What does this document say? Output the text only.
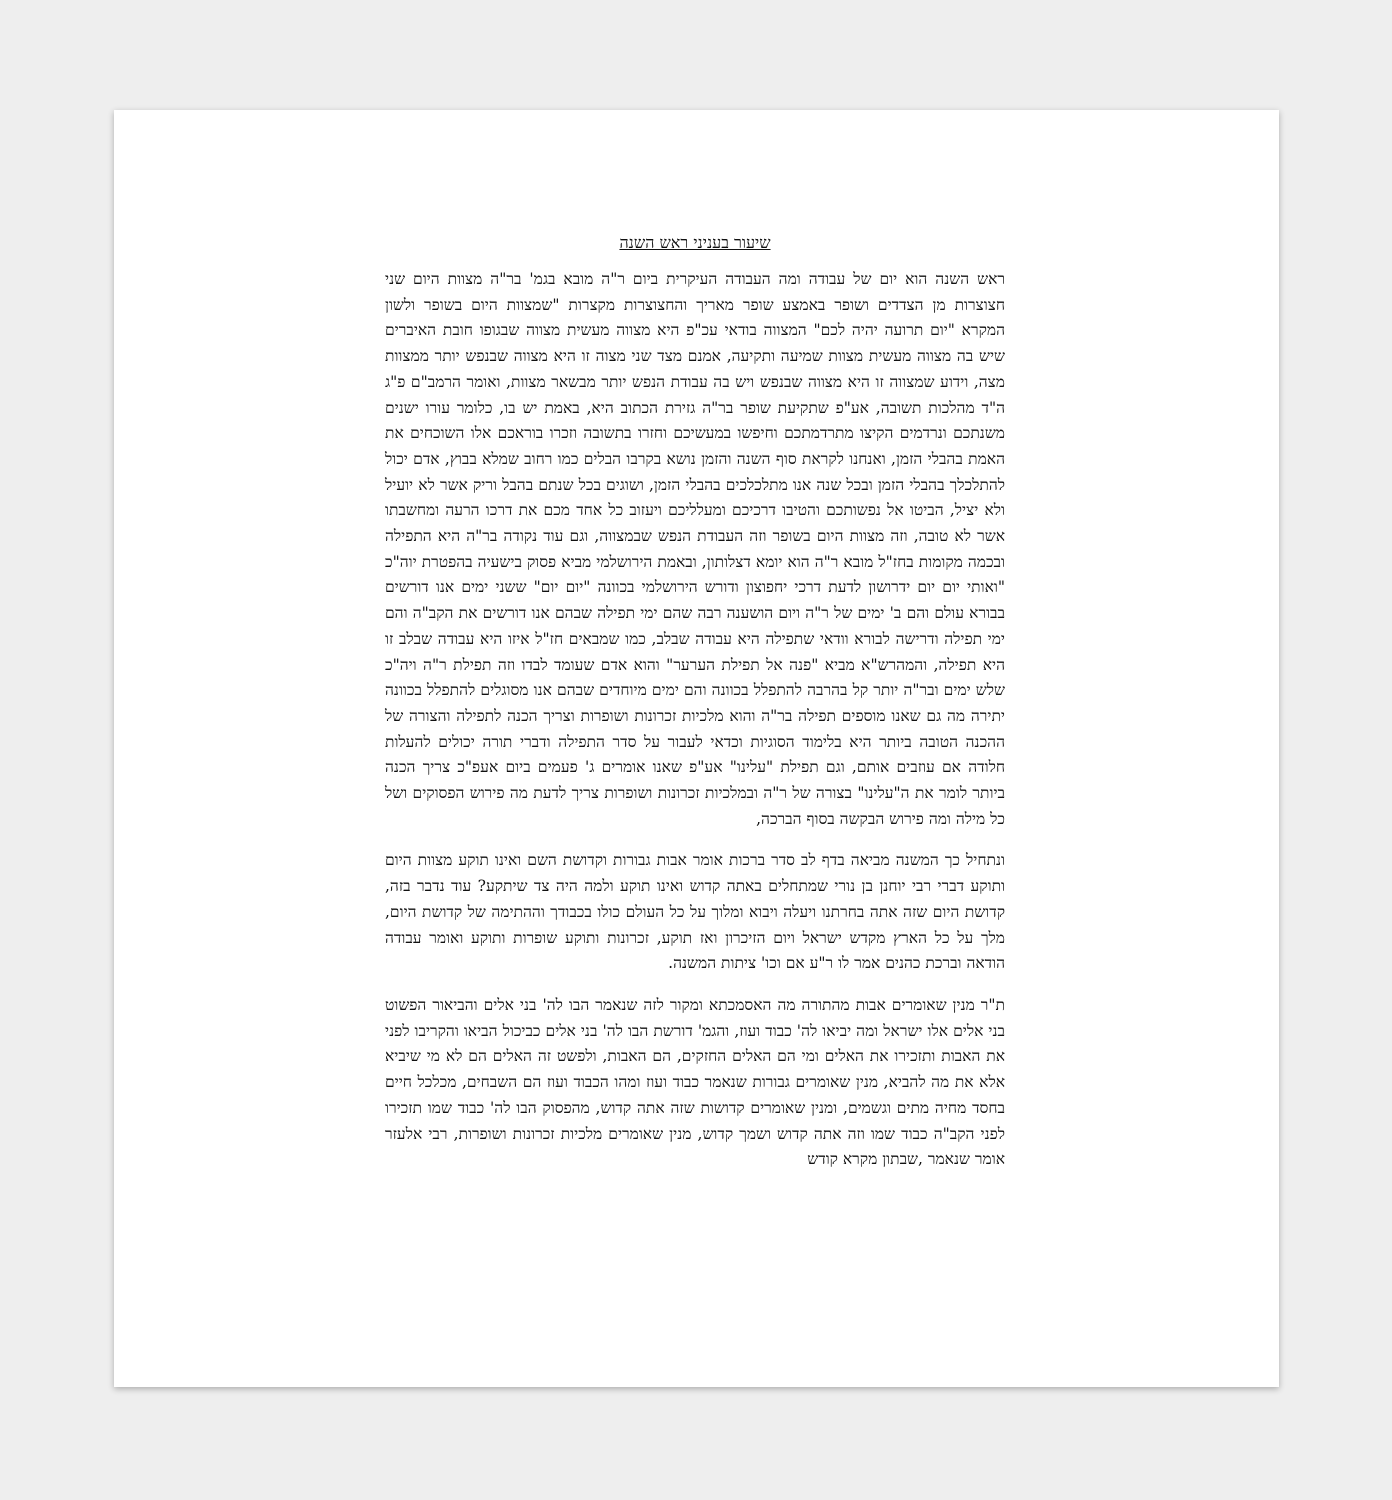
שיעור בעניני ראש השנה

ראש השנה הוא יום של עבודה ומה העבודה העיקרית ביום ר"ה מובא בגמ' בר"ה מצוות היום שני חצוצרות מן הצדדים ושופר באמצע שופר מאריך והחצוצרות מקצרות "שמצוות היום בשופר ולשון המקרא "יום תרועה יהיה לכם" המצווה בודאי עכ"פ היא מצווה מעשית מצווה שבגופו חובת האיברים שיש בה מצווה מעשית מצוות שמיעה ותקיעה, אמנם מצד שני מצוה זו היא מצווה שבנפש יותר ממצוות מצה, וידוע שמצווה זו היא מצווה שבנפש ויש בה עבודת הנפש יותר מבשאר מצוות, ואומר הרמב"ם פ"ג ה"ד מהלכות תשובה, אע"פ שתקיעת שופר בר"ה גזירת הכתוב היא, באמת יש בו, כלומר עורו ישנים משנתכם ונרדמים הקיצו מתרדמתכם וחיפשו במעשיכם וחזרו בתשובה וזכרו בוראכם אלו השוכחים את האמת בהבלי הזמן, ואנחנו לקראת סוף השנה והזמן נושא בקרבו הבלים כמו רחוב שמלא בבוץ, אדם יכול להתלכלך בהבלי הזמן ובכל שנה אנו מתלכלכים בהבלי הזמן, ושוגים בכל שנתם בהבל וריק אשר לא יועיל ולא יציל, הביטו אל נפשותכם והטיבו דרכיכם ומעלליכם ויעזוב כל אחד מכם את דרכו הרעה ומחשבתו אשר לא טובה, וזה מצוות היום בשופר וזה העבודת הנפש שבמצווה, וגם עוד נקודה בר"ה היא התפילה ובכמה מקומות בחז"ל מובא ר"ה הוא יומא דצלותון, ובאמת הירושלמי מביא פסוק בישעיה בהפטרת יוה"כ "ואותי יום יום ידרושון לדעת דרכי יחפוצון ודורש הירושלמי בכוונה "יום יום" ששני ימים אנו דורשים בבורא עולם והם ב' ימים של ר"ה ויום הושענה רבה שהם ימי תפילה שבהם אנו דורשים את הקב"ה והם ימי תפילה ודרישה לבורא וודאי שתפילה היא עבודה שבלב, כמו שמבאים חז"ל איזו היא עבודה שבלב זו היא תפילה, והמהרש"א מביא "פנה אל תפילת הערער" והוא אדם שעומד לבדו וזה תפילת ר"ה ויה"כ שלש ימים ובר"ה יותר קל בהרבה להתפלל בכוונה והם ימים מיוחדים שבהם אנו מסוגלים להתפלל בכוונה יתירה מה גם שאנו מוספים תפילה בר"ה והוא מלכיות זכרונות ושופרות וצריך הכנה לתפילה והצורה של ההכנה הטובה ביותר היא בלימוד הסוגיות וכדאי לעבור על סדר התפילה ודברי תורה יכולים להעלות חלודה אם עוזבים אותם, וגם תפילת "עלינו" אע"פ שאנו אומרים ג' פעמים ביום אעפ"כ צריך הכנה ביותר לומר את ה"עלינו" בצורה של ר"ה ובמלכיות זכרונות ושופרות צריך לדעת מה פירוש הפסוקים ושל כל מילה ומה פירוש הבקשה בסוף הברכה,

ונתחיל כך המשנה מביאה בדף לב סדר ברכות אומר אבות גבורות וקדושת השם ואינו תוקע מצוות היום ותוקע דברי רבי יוחנן בן נורי שמתחלים באתה קדוש ואינו תוקע ולמה היה צד שיתקע? עוד נדבר בזה, קדושת היום שזה אתה בחרתנו ויעלה ויבוא ומלוך על כל העולם כולו בכבודך וההתימה של קדושת היום, מלך על כל הארץ מקדש ישראל ויום הזיכרון ואז תוקע, זכרונות ותוקע שופרות ותוקע ואומר עבודה הודאה וברכת כהנים אמר לו ר"ע אם וכו' ציתות המשנה.

ת"ר מנין שאומרים אבות מהתורה מה האסמכתא ומקור לזה שנאמר הבו לה' בני אלים והביאור הפשוט בני אלים אלו ישראל ומה יביאו לה' כבוד ועוז, והגמ' דורשת הבו לה' בני אלים כביכול הביאו והקריבו לפני את האבות ותזכירו את האלים ומי הם האלים החזקים, הם האבות, ולפשט זה האלים הם לא מי שיביא אלא את מה להביא, מנין שאומרים גבורות שנאמר כבוד ועוז ומהו הכבוד ועוז הם השבחים, מכלכל חיים בחסד מחיה מתים וגשמים, ומנין שאומרים קדושות שזה אתה קדוש, מהפסוק הבו לה' כבוד שמו תזכירו לפני הקב"ה כבוד שמו וזה אתה קדוש ושמך קדוש, מנין שאומרים מלכיות זכרונות ושופרות, רבי אלעזר אומר שנאמר ,שבתון מקרא קודש
